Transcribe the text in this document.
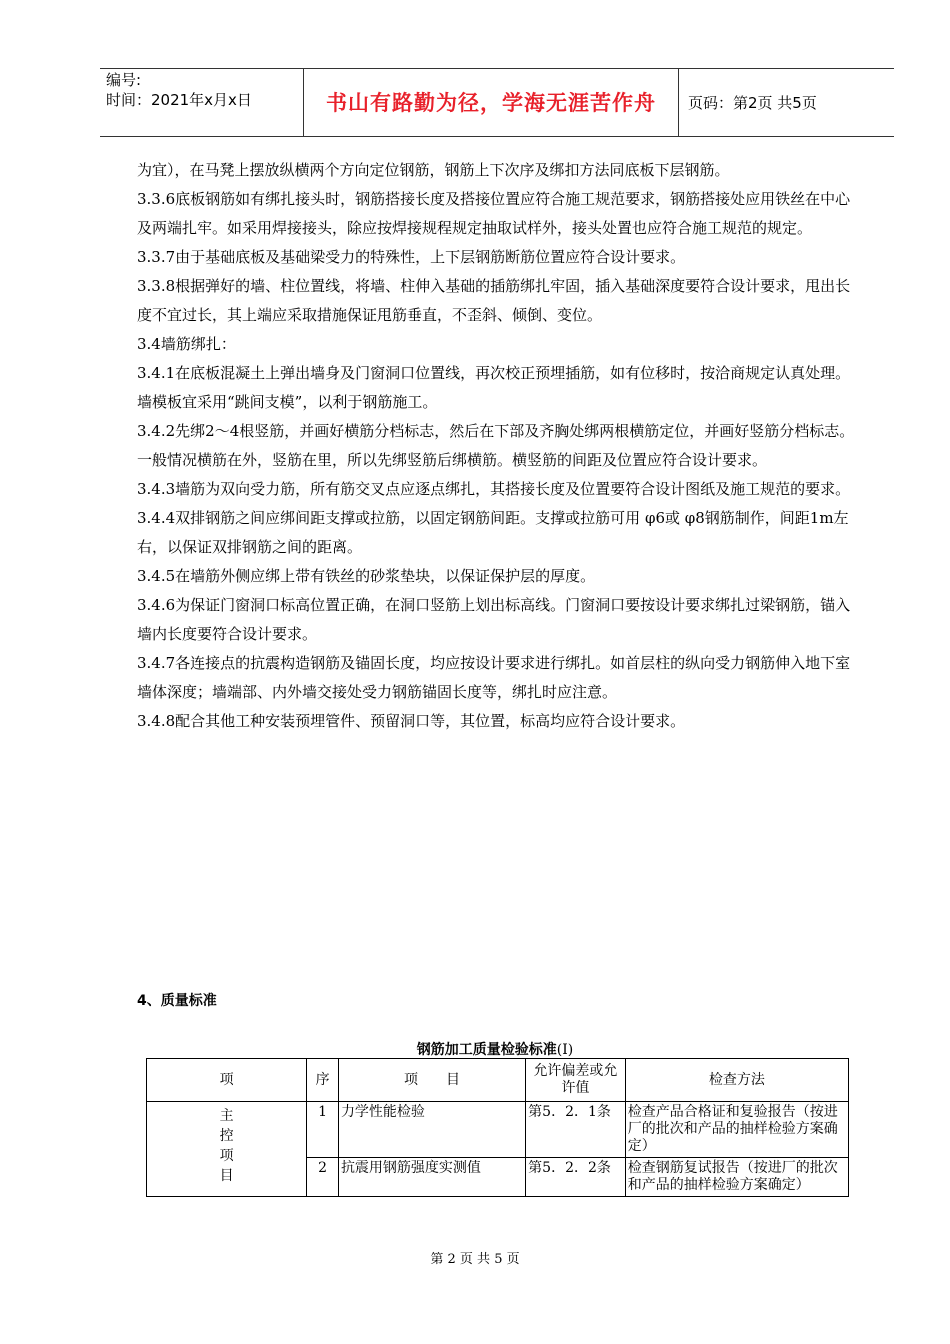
编号:
时间：2021年x月x日	书山有路勤为径，学海无涯苦作舟	页码：第2页 共5页

为宜），在马凳上摆放纵横两个方向定位钢筋，钢筋上下次序及绑扣方法同底板下层钢筋。

3.3.6底板钢筋如有绑扎接头时，钢筋搭接长度及搭接位置应符合施工规范要求，钢筋搭接处应用铁丝在中心及两端扎牢。如采用焊接接头，除应按焊接规程规定抽取试样外，接头处置也应符合施工规范的规定。

3.3.7由于基础底板及基础梁受力的特殊性，上下层钢筋断筋位置应符合设计要求。

3.3.8根据弹好的墙、柱位置线，将墙、柱伸入基础的插筋绑扎牢固，插入基础深度要符合设计要求，甩出长度不宜过长，其上端应采取措施保证甩筋垂直，不歪斜、倾倒、变位。

3.4墙筋绑扎：

3.4.1在底板混凝土上弹出墙身及门窗洞口位置线，再次校正预埋插筋，如有位移时，按洽商规定认真处理。墙模板宜采用“跳间支模”，以利于钢筋施工。

3.4.2先绑2～4根竖筋，并画好横筋分档标志，然后在下部及齐胸处绑两根横筋定位，并画好竖筋分档标志。一般情况横筋在外，竖筋在里，所以先绑竖筋后绑横筋。横竖筋的间距及位置应符合设计要求。

3.4.3墙筋为双向受力筋，所有筋交叉点应逐点绑扎，其搭接长度及位置要符合设计图纸及施工规范的要求。

3.4.4双排钢筋之间应绑间距支撑或拉筋，以固定钢筋间距。支撑或拉筋可用 φ6或 φ8钢筋制作，间距1m左右，以保证双排钢筋之间的距离。

3.4.5在墙筋外侧应绑上带有铁丝的砂浆垫块，以保证保护层的厚度。

3.4.6为保证门窗洞口标高位置正确，在洞口竖筋上划出标高线。门窗洞口要按设计要求绑扎过梁钢筋，锚入墙内长度要符合设计要求。

3.4.7各连接点的抗震构造钢筋及锚固长度，均应按设计要求进行绑扎。如首层柱的纵向受力钢筋伸入地下室墙体深度；墙端部、内外墙交接处受力钢筋锚固长度等，绑扎时应注意。

3.4.8配合其他工种安装预埋管件、预留洞口等，其位置，标高均应符合设计要求。

4、质量标准
钢筋加工质量检验标准(I)
项	序	项　　目	允许偏差或允许值	检查方法
主
控
项
目	1	力学性能检验	第5．2．1条	检查产品合格证和复验报告（按进厂的批次和产品的抽样检验方案确定）
	2	抗震用钢筋强度实测值	第5．2．2条	检查钢筋复试报告（按进厂的批次和产品的抽样检验方案确定）
第 2 页 共 5 页
